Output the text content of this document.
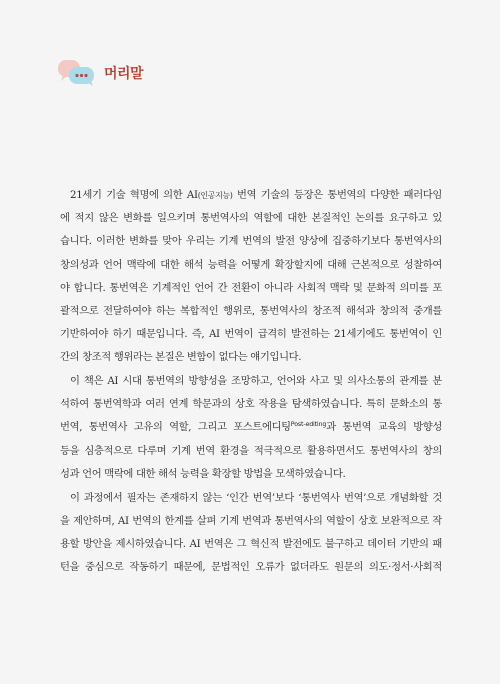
머리말
21세기 기술 혁명에 의한 AI(인공지능) 번역 기술의 등장은 통번역의 다양한 패러다임
에 적지 않은 변화를 일으키며 통번역사의 역할에 대한 본질적인 논의를 요구하고 있
습니다. 이러한 변화를 맞아 우리는 기계 번역의 발전 양상에 집중하기보다 통번역사의
창의성과 언어 맥락에 대한 해석 능력을 어떻게 확장할지에 대해 근본적으로 성찰하여
야 합니다. 통번역은 기계적인 언어 간 전환이 아니라 사회적 맥락 및 문화적 의미를 포
괄적으로 전달하여야 하는 복합적인 행위로, 통번역사의 창조적 해석과 창의적 중개를
기반하여야 하기 때문입니다. 즉, AI 번역이 급격히 발전하는 21세기에도 통번역이 인
간의 창조적 행위라는 본질은 변함이 없다는 얘기입니다.
이 책은 AI 시대 통번역의 방향성을 조망하고, 언어와 사고 및 의사소통의 관계를 분
석하여 통번역학과 여러 연계 학문과의 상호 작용을 탐색하였습니다. 특히 문화소의 통
번역, 통번역사 고유의 역할, 그리고 포스트에디팅$^{Post-editing}$과 통번역 교육의 방향성
등을 심층적으로 다루며 기계 번역 환경을 적극적으로 활용하면서도 통번역사의 창의
성과 언어 맥락에 대한 해석 능력을 확장할 방법을 모색하였습니다.
이 과정에서 필자는 존재하지 않는 ‘인간 번역’보다 ‘통번역사 번역’으로 개념화할 것
을 제안하며, AI 번역의 한계를 살펴 기계 번역과 통번역사의 역할이 상호 보완적으로 작
용할 방안을 제시하였습니다. AI 번역은 그 혁신적 발전에도 불구하고 데이터 기반의 패
턴을 중심으로 작동하기 때문에, 문법적인 오류가 없더라도 원문의 의도·정서·사회적
